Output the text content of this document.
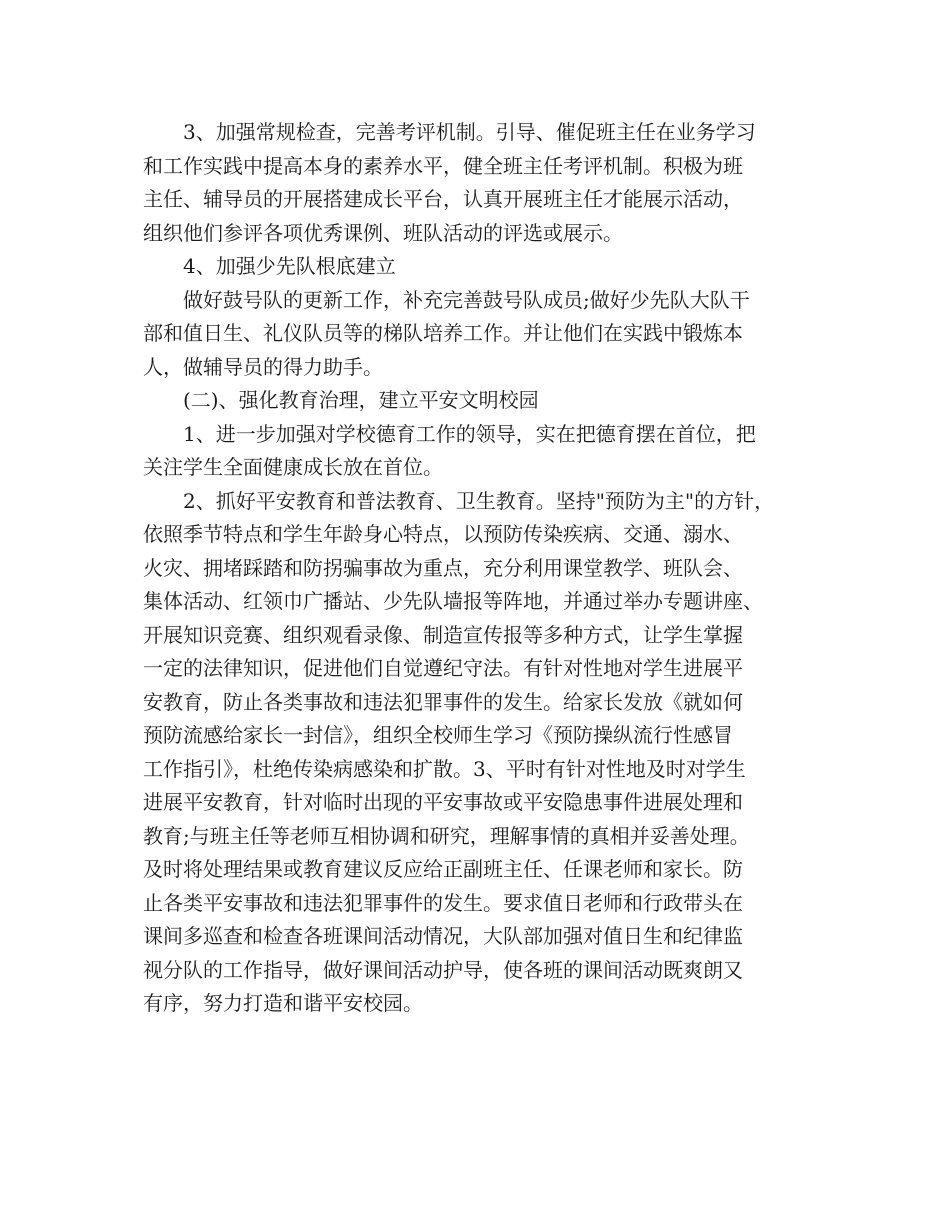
3、加强常规检查，完善考评机制。引导、催促班主任在业务学习
和工作实践中提高本身的素养水平，健全班主任考评机制。积极为班
主任、辅导员的开展搭建成长平台，认真开展班主任才能展示活动，
组织他们参评各项优秀课例、班队活动的评选或展示。
4、加强少先队根底建立
做好鼓号队的更新工作，补充完善鼓号队成员;做好少先队大队干
部和值日生、礼仪队员等的梯队培养工作。并让他们在实践中锻炼本
人，做辅导员的得力助手。
(二)、强化教育治理，建立平安文明校园
1、进一步加强对学校德育工作的领导，实在把德育摆在首位，把
关注学生全面健康成长放在首位。
2、抓好平安教育和普法教育、卫生教育。坚持"预防为主"的方针，
依照季节特点和学生年龄身心特点，以预防传染疾病、交通、溺水、
火灾、拥堵踩踏和防拐骗事故为重点，充分利用课堂教学、班队会、
集体活动、红领巾广播站、少先队墙报等阵地，并通过举办专题讲座、
开展知识竞赛、组织观看录像、制造宣传报等多种方式，让学生掌握
一定的法律知识，促进他们自觉遵纪守法。有针对性地对学生进展平
安教育，防止各类事故和违法犯罪事件的发生。给家长发放《就如何
预防流感给家长一封信》，组织全校师生学习《预防操纵流行性感冒
工作指引》，杜绝传染病感染和扩散。3、平时有针对性地及时对学生
进展平安教育，针对临时出现的平安事故或平安隐患事件进展处理和
教育;与班主任等老师互相协调和研究，理解事情的真相并妥善处理。
及时将处理结果或教育建议反应给正副班主任、任课老师和家长。防
止各类平安事故和违法犯罪事件的发生。要求值日老师和行政带头在
课间多巡查和检查各班课间活动情况，大队部加强对值日生和纪律监
视分队的工作指导，做好课间活动护导，使各班的课间活动既爽朗又
有序，努力打造和谐平安校园。
